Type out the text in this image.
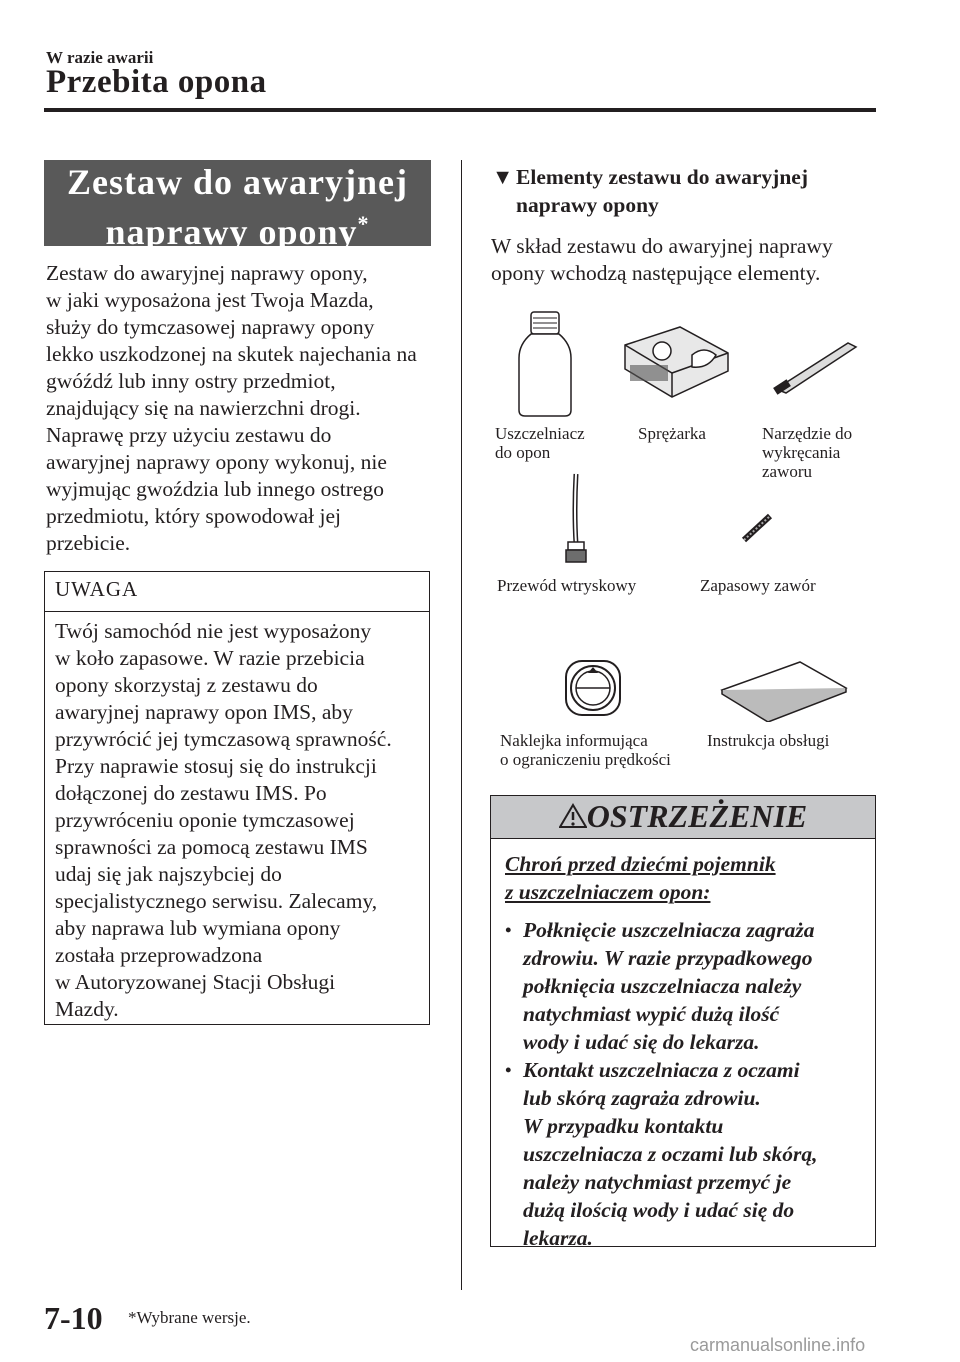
W razie awarii
Przebita opona
Zestaw do awaryjnej
naprawy opony*
Zestaw do awaryjnej naprawy opony,
w jaki wyposażona jest Twoja Mazda,
służy do tymczasowej naprawy opony
lekko uszkodzonej na skutek najechania na
gwóźdź lub inny ostry przedmiot,
znajdujący się na nawierzchni drogi.
Naprawę przy użyciu zestawu do
awaryjnej naprawy opony wykonuj, nie
wyjmując gwoździa lub innego ostrego
przedmiotu, który spowodował jej
przebicie.
UWAGA
Twój samochód nie jest wyposażony
w koło zapasowe. W razie przebicia
opony skorzystaj z zestawu do
awaryjnej naprawy opon IMS, aby
przywrócić jej tymczasową sprawność.
Przy naprawie stosuj się do instrukcji
dołączonej do zestawu IMS. Po
przywróceniu oponie tymczasowej
sprawności za pomocą zestawu IMS
udaj się jak najszybciej do
specjalistycznego serwisu. Zalecamy,
aby naprawa lub wymiana opony
została przeprowadzona
w Autoryzowanej Stacji Obsługi
Mazdy.
▼ Elementy zestawu do awaryjnej
naprawy opony
W skład zestawu do awaryjnej naprawy
opony wchodzą następujące elementy.
Uszczelniacz
do opon
Sprężarka	Narzędzie do
wykręcania
zaworu
Przewód wtryskowy	Zapasowy zawór
Naklejka informująca
o ograniczeniu prędkości
Instrukcja obsługi
OSTRZEŻENIE
Chroń przed dziećmi pojemnik
z uszczelniaczem opon:
• Połknięcie uszczelniacza zagraża
zdrowiu. W razie przypadkowego
połknięcia uszczelniacza należy
natychmiast wypić dużą ilość
wody i udać się do lekarza.
• Kontakt uszczelniacza z oczami
lub skórą zagraża zdrowiu.
W przypadku kontaktu
uszczelniacza z oczami lub skórą,
należy natychmiast przemyć je
dużą ilością wody i udać się do
lekarza.
7-10 *Wybrane wersje.
carmanualsonline.info
